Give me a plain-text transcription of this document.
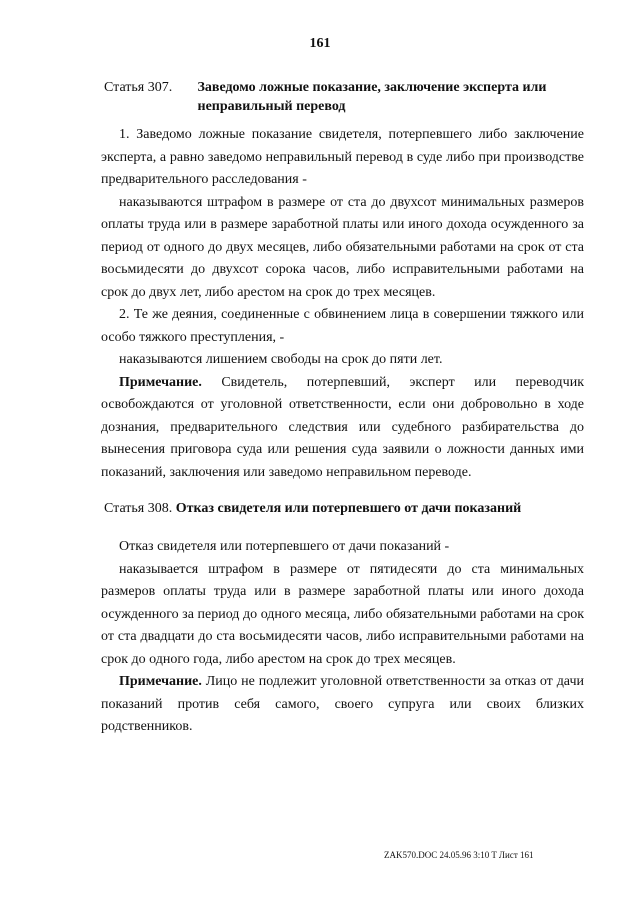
161
Статья 307. Заведомо ложные показание, заключение эксперта или неправильный перевод

1. Заведомо ложные показание свидетеля, потерпевшего либо заключение эксперта, а равно заведомо неправильный перевод в суде либо при производстве предварительного расследования -

наказываются штрафом в размере от ста до двухсот минимальных размеров оплаты труда или в размере заработной платы или иного дохода осужденного за период от одного до двух месяцев, либо обязательными работами на срок от ста восьмидесяти до двухсот сорока часов, либо исправительными работами на срок до двух лет, либо арестом на срок до трех месяцев.

2. Те же деяния, соединенные с обвинением лица в совершении тяжкого или особо тяжкого преступления, -

наказываются лишением свободы на срок до пяти лет.

Примечание. Свидетель, потерпевший, эксперт или переводчик освобождаются от уголовной ответственности, если они добровольно в ходе дознания, предварительного следствия или судебного разбирательства до вынесения приговора суда или решения суда заявили о ложности данных ими показаний, заключения или заведомо неправильном переводе.

Статья 308. Отказ свидетеля или потерпевшего от дачи показаний

Отказ свидетеля или потерпевшего от дачи показаний -

наказывается штрафом в размере от пятидесяти до ста минимальных размеров оплаты труда или в размере заработной платы или иного дохода осужденного за период до одного месяца, либо обязательными работами на срок от ста двадцати до ста восьмидесяти часов, либо исправительными работами на срок до одного года, либо арестом на срок до трех месяцев.

Примечание. Лицо не подлежит уголовной ответственности за отказ от дачи показаний против себя самого, своего супруга или своих близких родственников.

ZAK570.DOC 24.05.96 3:10 T Лист 161
